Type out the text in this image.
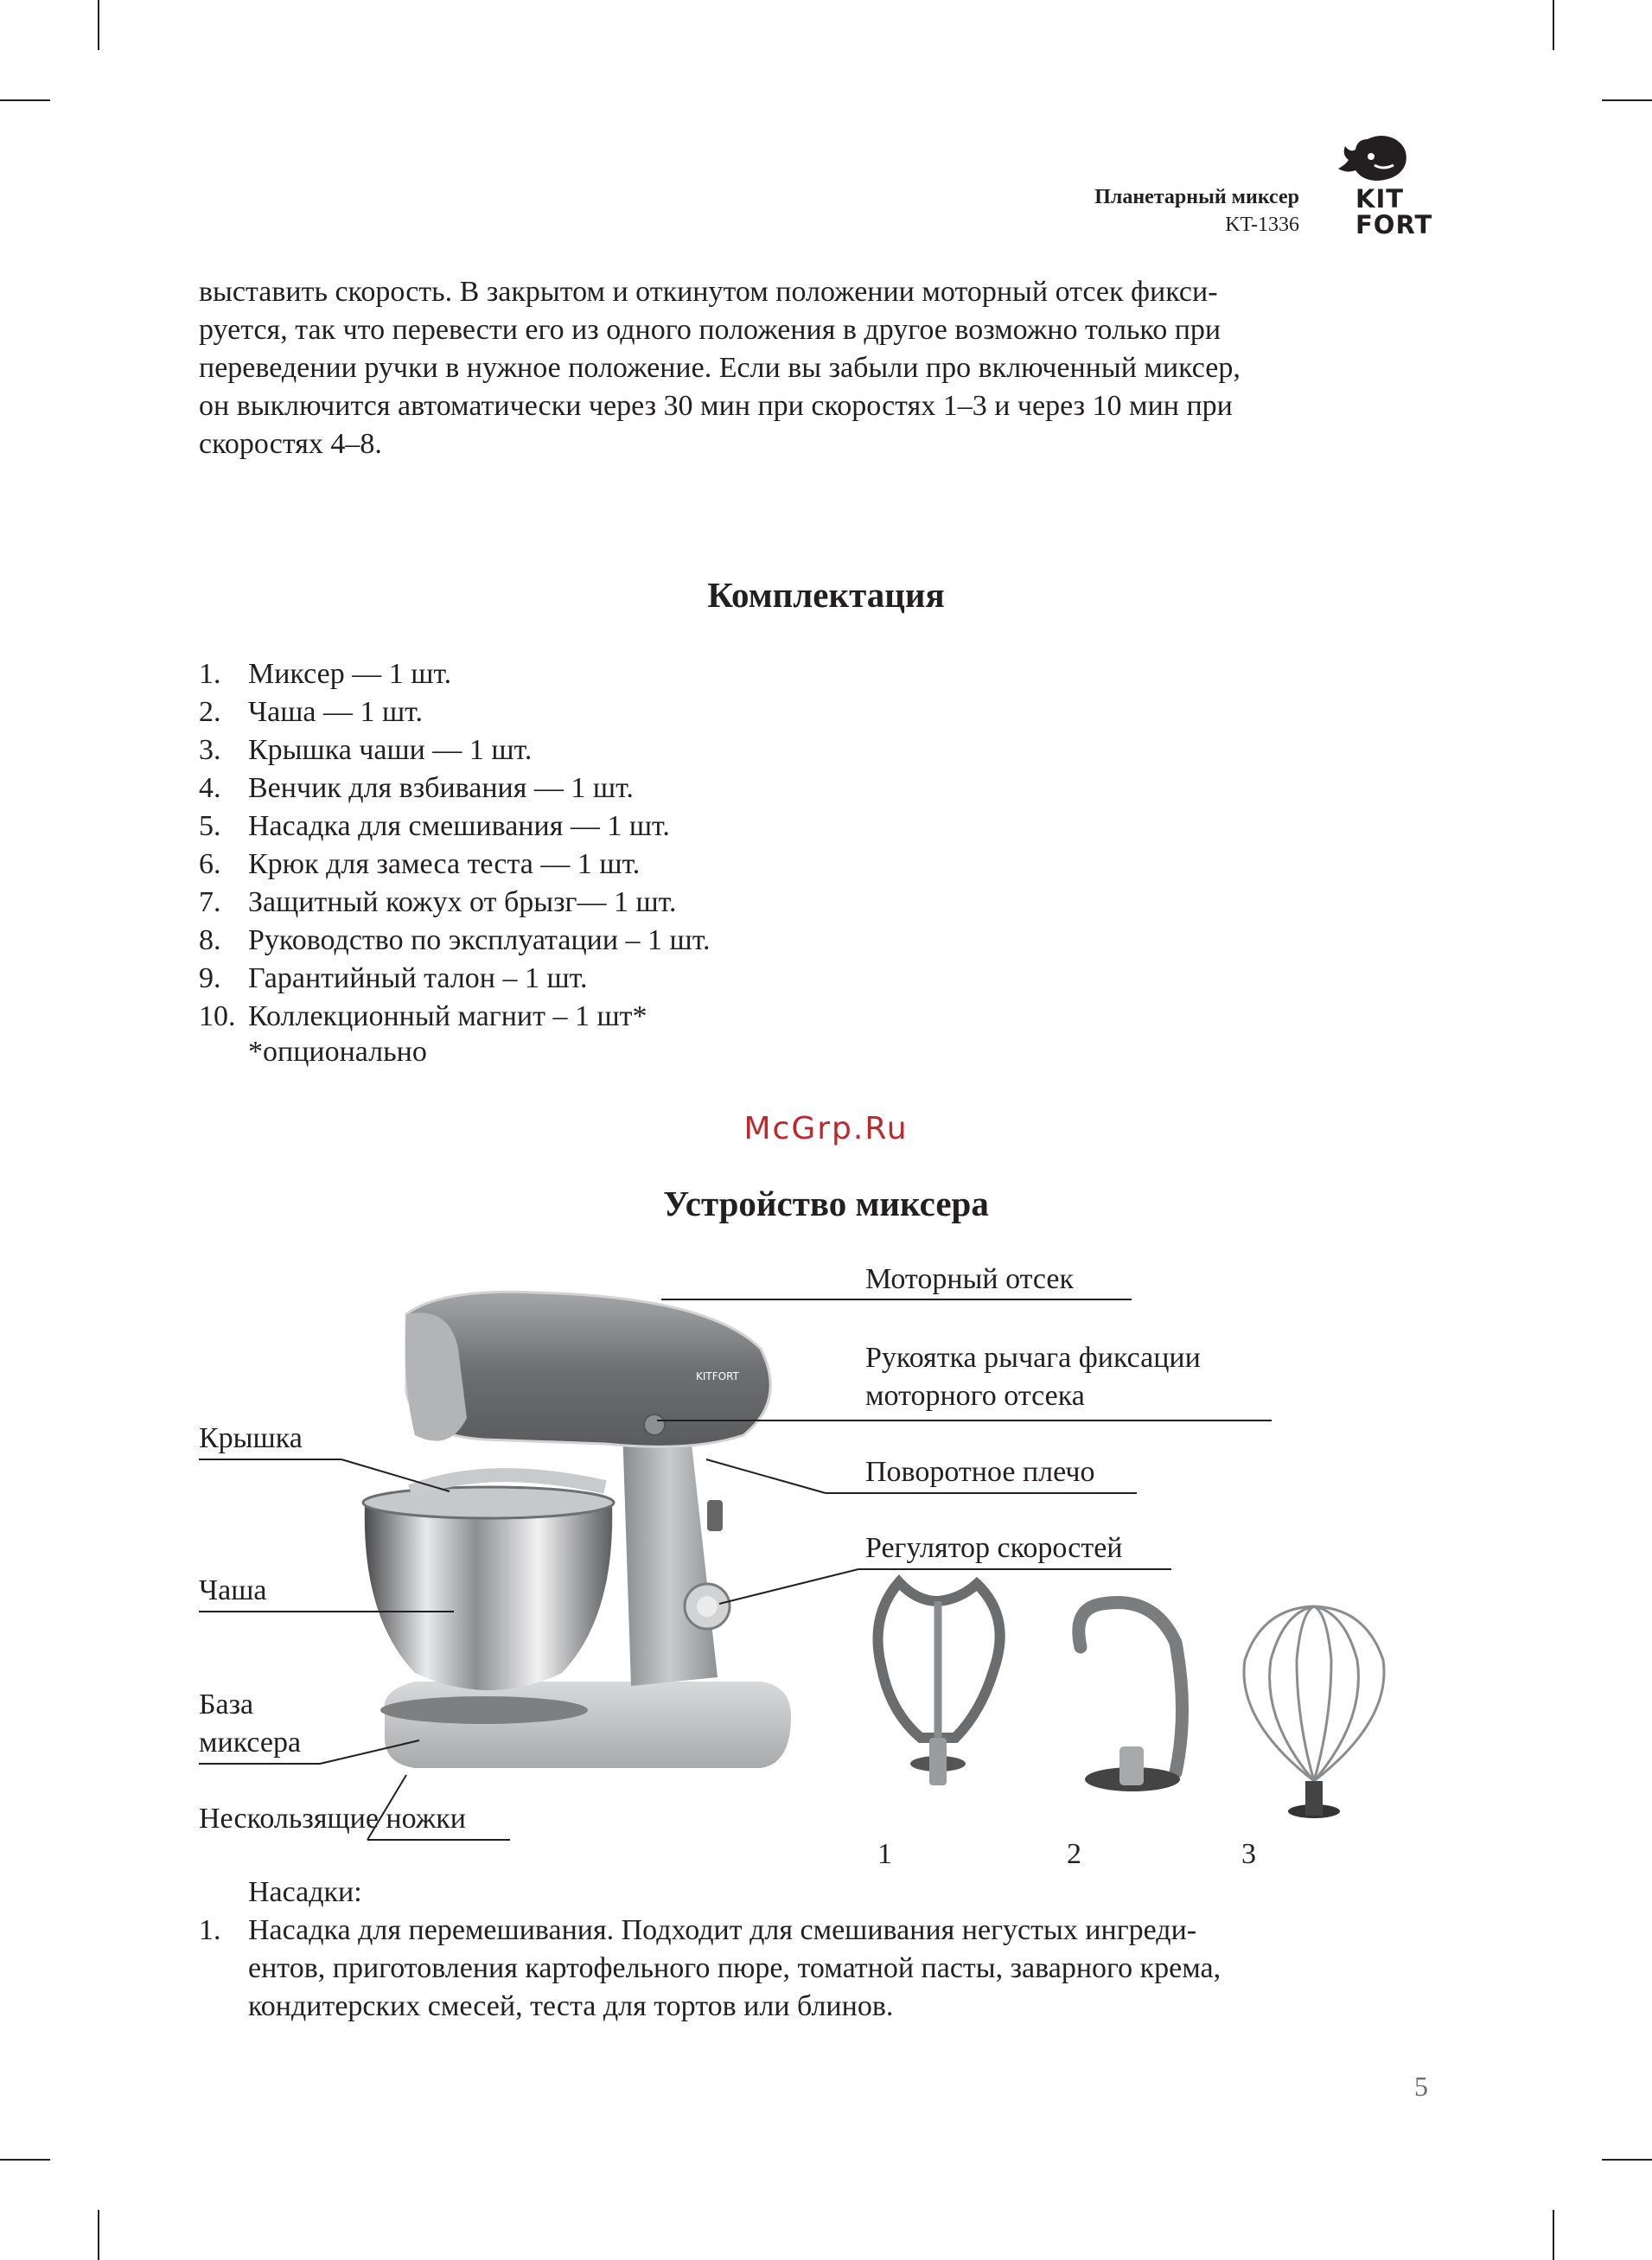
Планетарный миксер
KT-1336
KIT
FORT

выставить скорость. В закрытом и откинутом положении моторный отсек фикси-
руется, так что перевести его из одного положения в другое возможно только при
переведении ручки в нужное положение. Если вы забыли про включенный миксер,
он выключится автоматически через 30 мин при скоростях 1–3 и через 10 мин при
скоростях 4–8.

Комплектация
1. Миксер — 1 шт.
2. Чаша — 1 шт.
3. Крышка чаши — 1 шт.
4. Венчик для взбивания — 1 шт.
5. Насадка для смешивания — 1 шт.
6. Крюк для замеса теста — 1 шт.
7. Защитный кожух от брызг— 1 шт.
8. Руководство по эксплуатации – 1 шт.
9. Гарантийный талон – 1 шт.
10. Коллекционный магнит – 1 шт*
*опционально
McGrp.Ru
Устройство миксера
KITFORT
Моторный отсек
Рукоятка рычага фиксации
моторного отсека
Поворотное плечо
Регулятор скоростей
Крышка
Чаша
База
миксера
Нескользящие ножки
1	2	3
Насадки:
1. Насадка для перемешивания. Подходит для смешивания негустых ингреди-
ентов, приготовления картофельного пюре, томатной пасты, заварного крема,
кондитерских смесей, теста для тортов или блинов.
5
